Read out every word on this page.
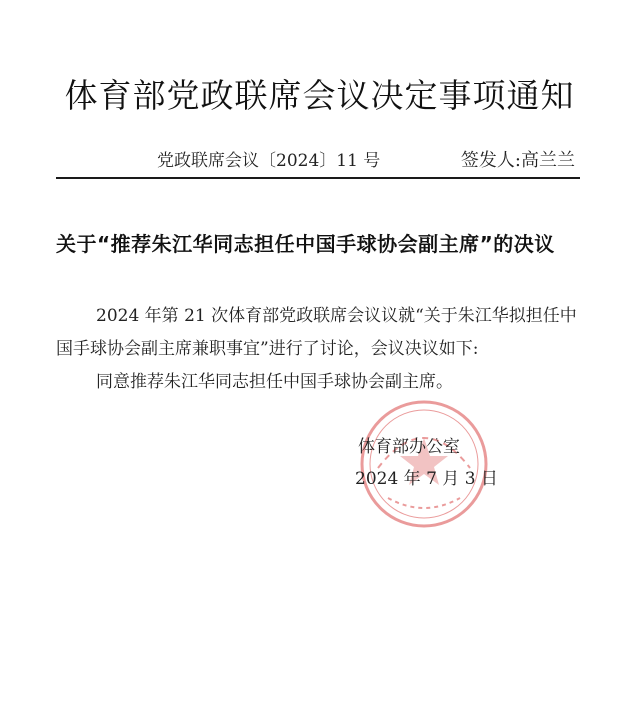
体育部党政联席会议决定事项通知
党政联席会议〔2024〕11 号	签发人:高兰兰
关于“推荐朱江华同志担任中国手球协会副主席”的决议

2024 年第 21 次体育部党政联席会议议就“关于朱江华拟担任中国手球协会副主席兼职事宜”进行了讨论，会议决议如下:

同意推荐朱江华同志担任中国手球协会副主席。

体育部办公室
2024 年 7 月 3 日
